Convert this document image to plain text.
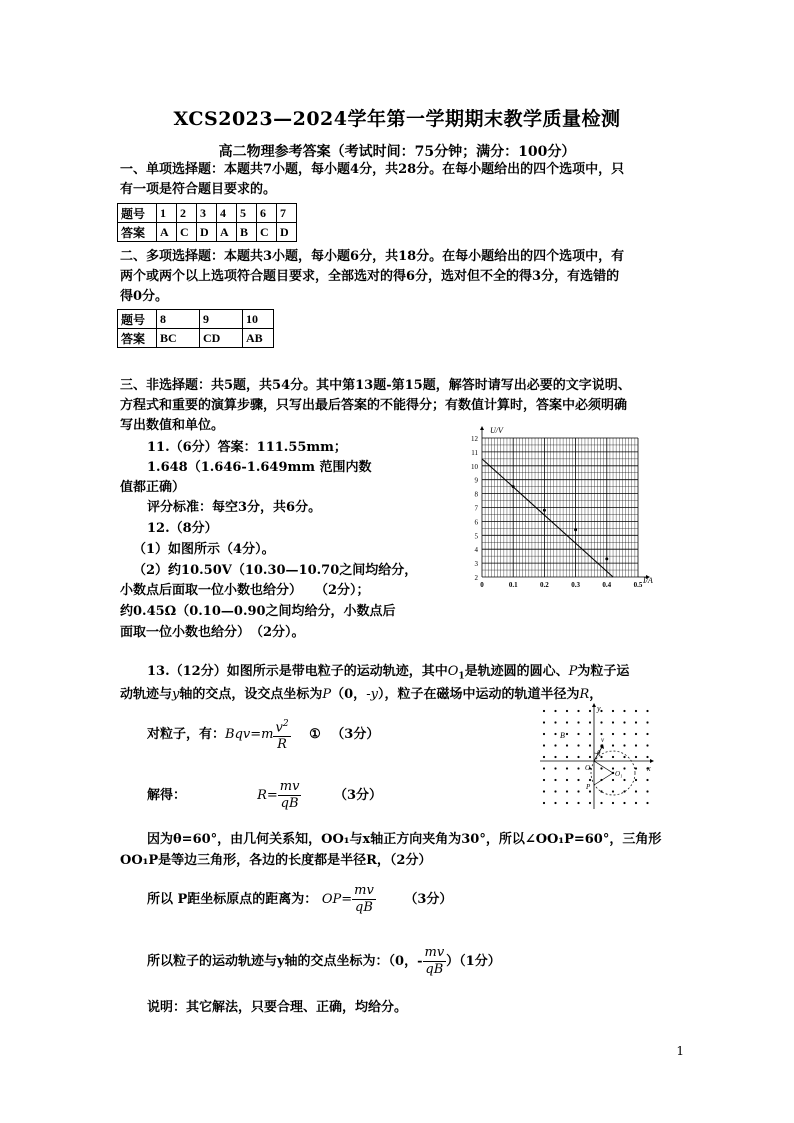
XCS2023—2024学年第一学期期末教学质量检测
高二物理参考答案（考试时间：75分钟；满分：100分）
一、单项选择题：本题共7小题，每小题4分，共28分。在每小题给出的四个选项中，只
有一项是符合题目要求的。
题号	1	2	3	4	5	6	7
答案	A	C	D	A	B	C	D
二、多项选择题：本题共3小题，每小题6分，共18分。在每小题给出的四个选项中，有
两个或两个以上选项符合题目要求，全部选对的得6分，选对但不全的得3分，有选错的
得0分。
题号	8	9	10
答案	BC	CD	AB
三、非选择题：共5题，共54分。其中第13题-第15题，解答时请写出必要的文字说明、
方程式和重要的演算步骤，只写出最后答案的不能得分；有数值计算时，答案中必须明确
写出数值和单位。
11.（6分）答案：111.55mm；
1.648（1.646-1.649mm 范围内数
值都正确）
评分标准：每空3分，共6分。
12.（8分）
（1）如图所示（4分）。
（2）约10.50V（10.30—10.70之间均给分，
小数点后面取一位小数也给分）　　（2分）；
约0.45Ω（0.10—0.90之间均给分，小数点后
面取一位小数也给分）　（2分）。
2
3
4
5
6
7
8
9
10
11
12
0	0.1	0.2	0.3	0.4	0.5 I/A
U/V
13.（12分）如图所示是带电粒子的运动轨迹，其中$O_1$是轨迹圆的圆心、P为粒子运
动轨迹与y轴的交点，设交点坐标为P（0，-y），粒子在磁场中运动的轨道半径为R，
对粒子，有：$Bqv=m \frac{v^2}{R}$ ① （3分）
解得：	$R= \frac{mv}{qB}$	（3分）
因为θ=60°，由几何关系知，OO₁与x轴正方向夹角为30°，所以∠OO₁P=60°，三角形
OO₁P是等边三角形，各边的长度都是半径R，（2分）
所以 P距坐标原点的距离为： $OP= \frac{mv}{qB} (3$分）
所以粒子的运动轨迹与y轴的交点坐标为：（0，- $\frac{mv}{qB} )(1$分）
说明：其它解法，只要合理、正确，均给分。
B
x
y
O
O₁
P
v
θ
1
